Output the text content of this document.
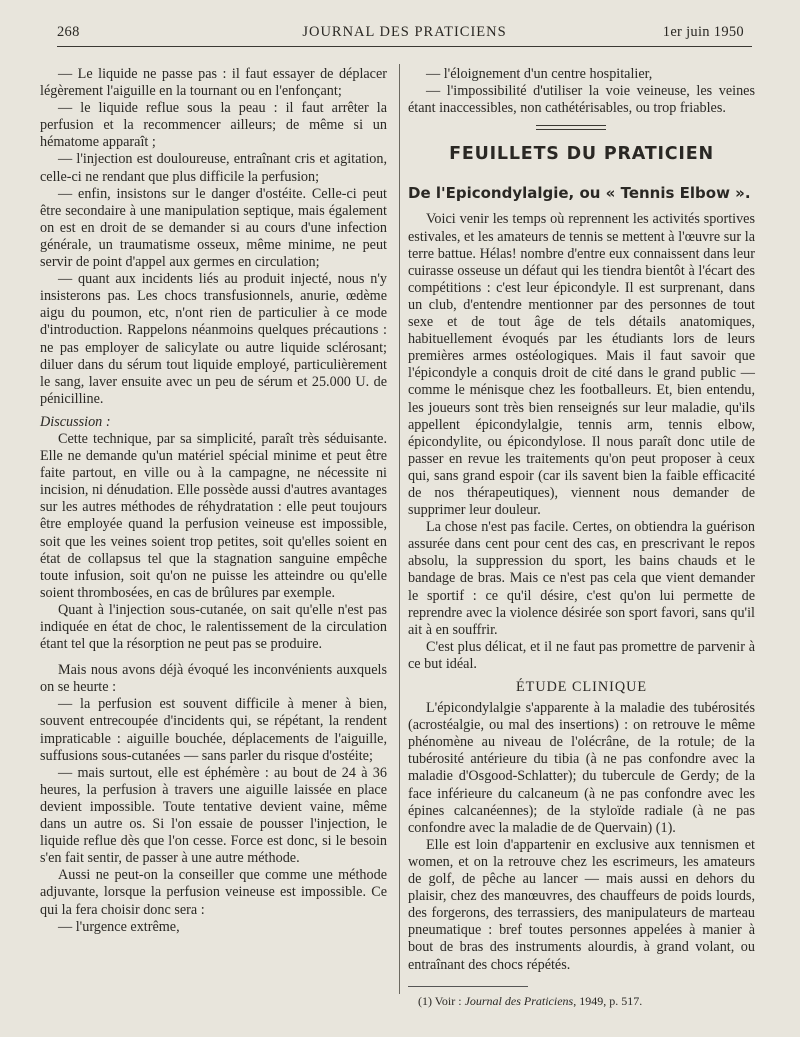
268	JOURNAL DES PRATICIENS	1er juin 1950

— Le liquide ne passe pas : il faut essayer de déplacer légèrement l'aiguille en la tournant ou en l'enfonçant;

— le liquide reflue sous la peau : il faut arrêter la perfusion et la recommencer ailleurs; de même si un hématome apparaît ;

— l'injection est douloureuse, entraînant cris et agitation, celle-ci ne rendant que plus difficile la perfusion;

— enfin, insistons sur le danger d'ostéite. Celle-ci peut être secondaire à une manipulation septique, mais également on est en droit de se demander si au cours d'une infection générale, un traumatisme osseux, même minime, ne peut servir de point d'appel aux germes en circulation;

— quant aux incidents liés au produit injecté, nous n'y insisterons pas. Les chocs transfusionnels, anurie, œdème aigu du poumon, etc, n'ont rien de particulier à ce mode d'introduction. Rappelons néanmoins quelques précautions : ne pas employer de salicylate ou autre liquide sclérosant; diluer dans du sérum tout liquide employé, particulièrement le sang, laver ensuite avec un peu de sérum et 25.000 U. de pénicilline.

Discussion :

Cette technique, par sa simplicité, paraît très séduisante. Elle ne demande qu'un matériel spécial minime et peut être faite partout, en ville ou à la campagne, ne nécessite ni incision, ni dénudation. Elle possède aussi d'autres avantages sur les autres méthodes de réhydratation : elle peut toujours être employée quand la perfusion veineuse est impossible, soit que les veines soient trop petites, soit qu'elles soient en état de collapsus tel que la stagnation sanguine empêche toute infusion, soit qu'on ne puisse les atteindre ou qu'elle soient thrombosées, en cas de brûlures par exemple.

Quant à l'injection sous-cutanée, on sait qu'elle n'est pas indiquée en état de choc, le ralentissement de la circulation étant tel que la résorption ne peut pas se produire.

Mais nous avons déjà évoqué les inconvénients auxquels on se heurte :

— la perfusion est souvent difficile à mener à bien, souvent entrecoupée d'incidents qui, se répétant, la rendent impraticable : aiguille bouchée, déplacements de l'aiguille, suffusions sous-cutanées — sans parler du risque d'ostéite;

— mais surtout, elle est éphémère : au bout de 24 à 36 heures, la perfusion à travers une aiguille laissée en place devient impossible. Toute tentative devient vaine, même dans un autre os. Si l'on essaie de pousser l'injection, le liquide reflue dès que l'on cesse. Force est donc, si le besoin s'en fait sentir, de passer à une autre méthode.

Aussi ne peut-on la conseiller que comme une méthode adjuvante, lorsque la perfusion veineuse est impossible. Ce qui la fera choisir donc sera :

— l'urgence extrême,

— l'éloignement d'un centre hospitalier,

— l'impossibilité d'utiliser la voie veineuse, les veines étant inaccessibles, non cathétérisables, ou trop friables.

FEUILLETS DU PRATICIEN

De l'Epicondylalgie, ou « Tennis Elbow ».

Voici venir les temps où reprennent les activités sportives estivales, et les amateurs de tennis se mettent à l'œuvre sur la terre battue. Hélas! nombre d'entre eux connaissent dans leur cuirasse osseuse un défaut qui les tiendra bientôt à l'écart des compétitions : c'est leur épicondyle. Il est surprenant, dans un club, d'entendre mentionner par des personnes de tout sexe et de tout âge de tels détails anatomiques, habituellement évoqués par les étudiants lors de leurs premières armes ostéologiques. Mais il faut savoir que l'épicondyle a conquis droit de cité dans le grand public — comme le ménisque chez les footballeurs. Et, bien entendu, les joueurs sont très bien renseignés sur leur maladie, qu'ils appellent épicondylalgie, tennis arm, tennis elbow, épicondylite, ou épicondylose. Il nous paraît donc utile de passer en revue les traitements qu'on peut proposer à ceux qui, sans grand espoir (car ils savent bien la faible efficacité de nos thérapeutiques), viennent nous demander de supprimer leur douleur.

La chose n'est pas facile. Certes, on obtiendra la guérison assurée dans cent pour cent des cas, en prescrivant le repos absolu, la suppression du sport, les bains chauds et le bandage de bras. Mais ce n'est pas cela que vient demander le sportif : ce qu'il désire, c'est qu'on lui permette de reprendre avec la violence désirée son sport favori, sans qu'il ait à en souffrir.

C'est plus délicat, et il ne faut pas promettre de parvenir à ce but idéal.

ÉTUDE CLINIQUE

L'épicondylalgie s'apparente à la maladie des tubérosités (acrostéalgie, ou mal des insertions) : on retrouve le même phénomène au niveau de l'olécrâne, de la rotule; de la tubérosité antérieure du tibia (à ne pas confondre avec la maladie d'Osgood-Schlatter); du tubercule de Gerdy; de la face inférieure du calcaneum (à ne pas confondre avec les épines calcanéennes); de la styloïde radiale (à ne pas confondre avec la maladie de de Quervain) (1).

Elle est loin d'appartenir en exclusive aux tennismen et women, et on la retrouve chez les escrimeurs, les amateurs de golf, de pêche au lancer — mais aussi en dehors du plaisir, chez des manœuvres, des chauffeurs de poids lourds, des forgerons, des terrassiers, des manipulateurs de marteau pneumatique : bref toutes personnes appelées à manier à bout de bras des instruments alourdis, à grand volant, ou entraînant des chocs répétés.

(1) Voir : Journal des Praticiens, 1949, p. 517.
